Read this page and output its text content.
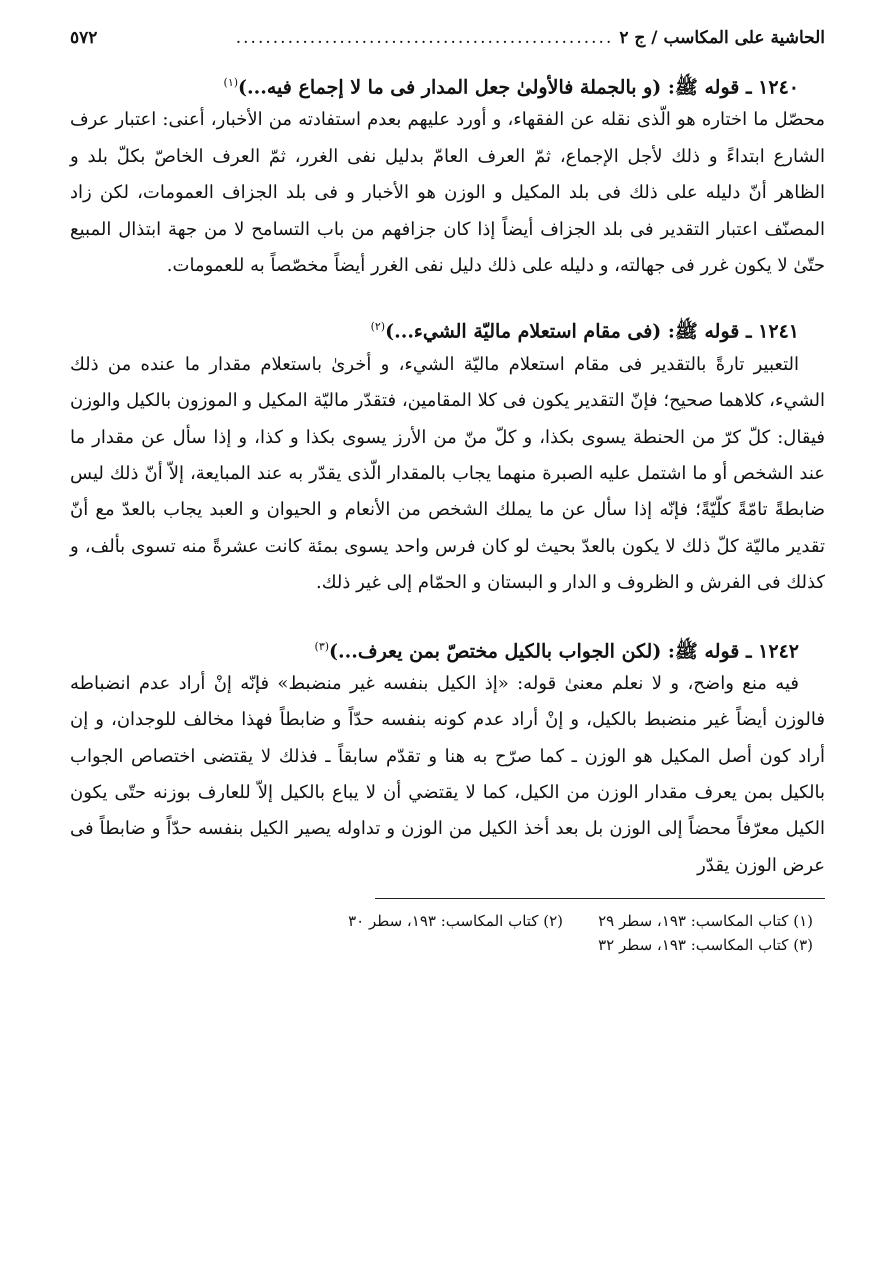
الحاشية على المكاسب / ج ٢
...................................................
٥٧٢

١٢٤٠ ـ قوله ﷺ: (و بالجملة فالأولىٰ جعل المدار فى ما لا إجماع فيه...)$^{(١)}$

محصّل ما اختاره هو الّذى نقله عن الفقهاء، و أورد عليهم بعدم استفادته من الأخبار، أعنى: اعتبار عرف الشارع ابتداءً و ذلك لأجل الإجماع، ثمّ العرف العامّ بدليل نفى الغرر، ثمّ العرف الخاصّ بكلّ بلد و الظاهر أنّ دليله على ذلك فى بلد المكيل و الوزن هو الأخبار و فى بلد الجزاف العمومات، لكن زاد المصنّف اعتبار التقدير فى بلد الجزاف أيضاً إذا كان جزافهم من باب التسامح لا من جهة ابتذال المبيع حتّىٰ لا يكون غرر فى جهالته، و دليله على ذلك دليل نفى الغرر أيضاً مخصّصاً به للعمومات.

١٢٤١ ـ قوله ﷺ: (فى مقام استعلام ماليّة الشيء...)$^{(٢)}$

التعبير تارةً بالتقدير فى مقام استعلام ماليّة الشيء، و أخرىٰ باستعلام مقدار ما عنده من ذلك الشيء، كلاهما صحيح؛ فإنّ التقدير يكون فى كلا المقامين، فتقدّر ماليّة المكيل و الموزون بالكيل والوزن فيقال: كلّ كرّ من الحنطة يسوى بكذا، و كلّ منّ من الأرز يسوى بكذا و كذا، و إذا سأل عن مقدار ما عند الشخص أو ما اشتمل عليه الصبرة منهما يجاب بالمقدار الّذى يقدّر به عند المبايعة، إلاّ أنّ ذلك ليس ضابطةً تامّةً كلّيّةً؛ فإنّه إذا سأل عن ما يملك الشخص من الأنعام و الحيوان و العبد يجاب بالعدّ مع أنّ تقدير ماليّة كلّ ذلك لا يكون بالعدّ بحيث لو كان فرس واحد يسوى بمئة كانت عشرةً منه تسوى بألف، و كذلك فى الفرش و الظروف و الدار و البستان و الحمّام إلى غير ذلك.

١٢٤٢ ـ قوله ﷺ: (لكن الجواب بالكيل مختصّ بمن يعرف...)$^{(٣)}$

فيه منع واضح، و لا نعلم معنىٰ قوله: «إذ الكيل بنفسه غير منضبط» فإنّه إنْ أراد عدم انضباطه فالوزن أيضاً غير منضبط بالكيل، و إنْ أراد عدم كونه بنفسه حدّاً و ضابطاً فهذا مخالف للوجدان، و إن أراد كون أصل المكيل هو الوزن ـ كما صرّح به هنا و تقدّم سابقاً ـ فذلك لا يقتضى اختصاص الجواب بالكيل بمن يعرف مقدار الوزن من الكيل، كما لا يقتضي أن لا يباع بالكيل إلاّ للعارف بوزنه حتّى يكون الكيل معرّفاً محضاً إلى الوزن بل بعد أخذ الكيل من الوزن و تداوله يصير الكيل بنفسه حدّاً و ضابطاً فى عرض الوزن يقدّر

(١) كتاب المكاسب: ١٩٣، سطر ٢٩
(٢) كتاب المكاسب: ١٩٣، سطر ٣٠
(٣) كتاب المكاسب: ١٩٣، سطر ٣٢
